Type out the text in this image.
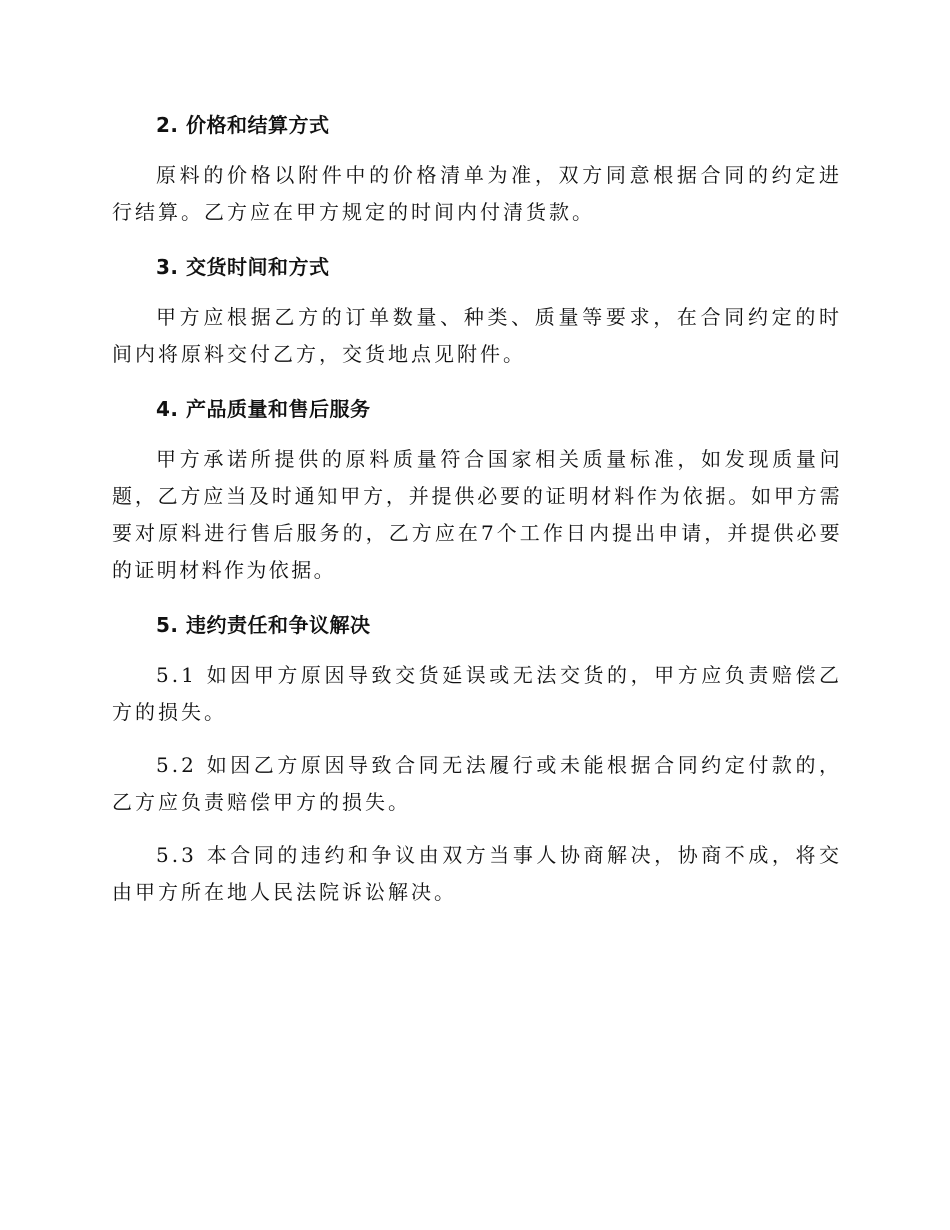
2. 价格和结算方式

原料的价格以附件中的价格清单为准，双方同意根据合同的约定进行结算。乙方应在甲方规定的时间内付清货款。

3. 交货时间和方式

甲方应根据乙方的订单数量、种类、质量等要求，在合同约定的时间内将原料交付乙方，交货地点见附件。

4. 产品质量和售后服务

甲方承诺所提供的原料质量符合国家相关质量标准，如发现质量问题，乙方应当及时通知甲方，并提供必要的证明材料作为依据。如甲方需要对原料进行售后服务的，乙方应在7个工作日内提出申请，并提供必要的证明材料作为依据。

5. 违约责任和争议解决

5.1 如因甲方原因导致交货延误或无法交货的，甲方应负责赔偿乙方的损失。

5.2 如因乙方原因导致合同无法履行或未能根据合同约定付款的，乙方应负责赔偿甲方的损失。

5.3 本合同的违约和争议由双方当事人协商解决，协商不成，将交由甲方所在地人民法院诉讼解决。
